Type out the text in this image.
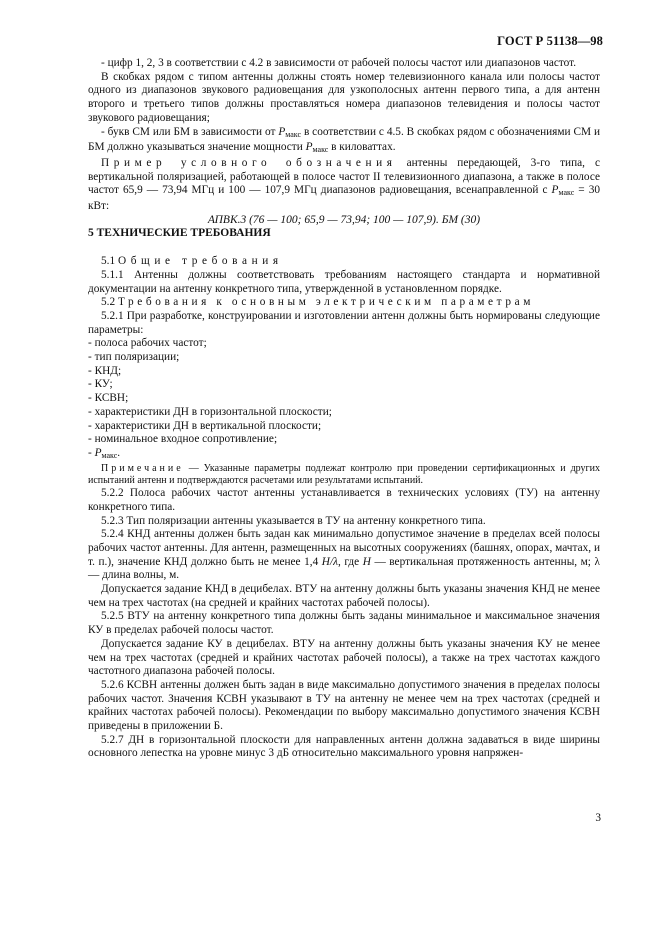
ГОСТ Р 51138—98

- цифр 1, 2, 3 в соответствии с 4.2 в зависимости от рабочей полосы частот или диапазонов частот.

В скобках рядом с типом антенны должны стоять номер телевизионного канала или полосы частот одного из диапазонов звукового радиовещания для узкополосных антенн первого типа, а для антенн второго и третьего типов должны проставляться номера диапазонов телевидения и полосы частот звукового радиовещания;

- букв СМ или БМ в зависимости от $P_{макс}$ в соответствии с 4.5. В скобках рядом с обозначениями СМ и БМ должно указываться значение мощности $P_{макс}$ в киловаттах.

Пример условного обозначения антенны передающей, 3-го типа, с вертикальной поляризацией, работающей в полосе частот II телевизионного диапазона, а также в полосе частот 65,9 — 73,94 МГц и 100 — 107,9 МГц диапазонов радиовещания, всенаправленной с $P_{макс} = 30$ кВт:

АПВК.3 (76 — 100; 65,9 — 73,94; 100 — 107,9). БМ (30)

5 ТЕХНИЧЕСКИЕ ТРЕБОВАНИЯ

5.1 Общие требования

5.1.1 Антенны должны соответствовать требованиям настоящего стандарта и нормативной документации на антенну конкретного типа, утвержденной в установленном порядке.

5.2 Требования к основным электрическим параметрам

5.2.1 При разработке, конструировании и изготовлении антенн должны быть нормированы следующие параметры:

- полоса рабочих частот;

- тип поляризации;

- КНД;

- КУ;

- КСВН;

- характеристики ДН в горизонтальной плоскости;

- характеристики ДН в вертикальной плоскости;

- номинальное входное сопротивление;

- $P_{макс}$.

Примечание — Указанные параметры подлежат контролю при проведении сертификационных и других испытаний антенн и подтверждаются расчетами или результатами испытаний.

5.2.2 Полоса рабочих частот антенны устанавливается в технических условиях (ТУ) на антенну конкретного типа.

5.2.3 Тип поляризации антенны указывается в ТУ на антенну конкретного типа.

5.2.4 КНД антенны должен быть задан как минимально допустимое значение в пределах всей полосы рабочих частот антенны. Для антенн, размещенных на высотных сооружениях (башнях, опорах, мачтах, и т. п.), значение КНД должно быть не менее 1,4 H/λ, где H — вертикальная протяженность антенны, м; λ — длина волны, м.

Допускается задание КНД в децибелах. ВТУ на антенну должны быть указаны значения КНД не менее чем на трех частотах (на средней и крайних частотах рабочей полосы).

5.2.5 ВТУ на антенну конкретного типа должны быть заданы минимальное и максимальное значения КУ в пределах рабочей полосы частот.

Допускается задание КУ в децибелах. ВТУ на антенну должны быть указаны значения КУ не менее чем на трех частотах (средней и крайних частотах рабочей полосы), а также на трех частотах каждого частотного диапазона рабочей полосы.

5.2.6 КСВН антенны должен быть задан в виде максимально допустимого значения в пределах полосы рабочих частот. Значения КСВН указывают в ТУ на антенну не менее чем на трех частотах (средней и крайних частотах рабочей полосы). Рекомендации по выбору максимально допустимого значения КСВН приведены в приложении Б.

5.2.7 ДН в горизонтальной плоскости для направленных антенн должна задаваться в виде ширины основного лепестка на уровне минус 3 дБ относительно максимального уровня напряжен-

3
